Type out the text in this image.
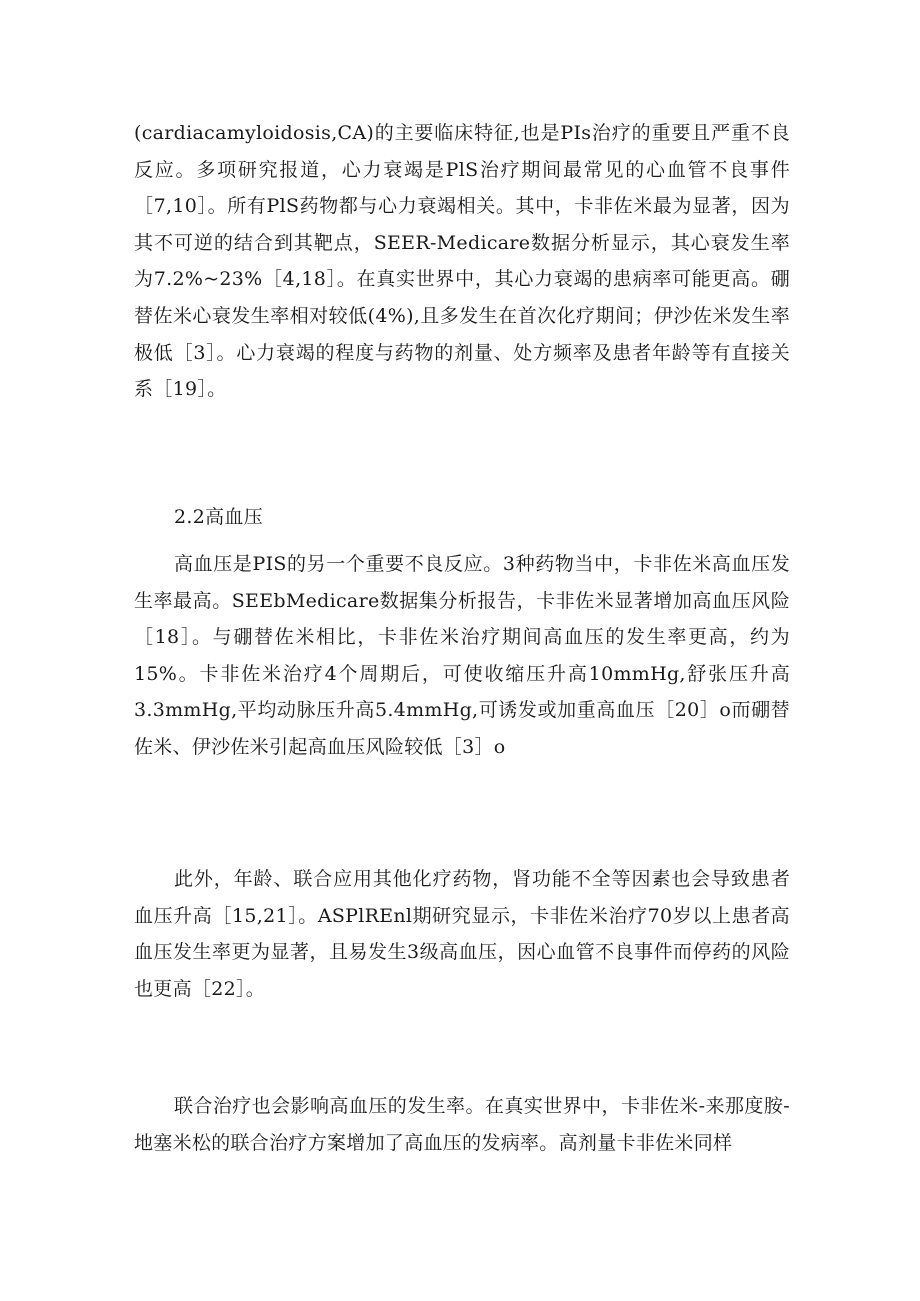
(cardiacamyloidosis,CA)的主要临床特征,也是PIs治疗的重要且严重不良反应。多项研究报道，心力衰竭是PlS治疗期间最常见的心血管不良事件［7,10］。所有PlS药物都与心力衰竭相关。其中，卡非佐米最为显著，因为其不可逆的结合到其靶点，SEER-Medicare数据分析显示，其心衰发生率为7.2%~23%［4,18］。在真实世界中，其心力衰竭的患病率可能更高。硼替佐米心衰发生率相对较低(4%),且多发生在首次化疗期间；伊沙佐米发生率极低［3］。心力衰竭的程度与药物的剂量、处方频率及患者年龄等有直接关系［19］。

2.2高血压

高血压是PIS的另一个重要不良反应。3种药物当中，卡非佐米高血压发生率最高。SEEbMedicare数据集分析报告，卡非佐米显著增加高血压风险［18］。与硼替佐米相比，卡非佐米治疗期间高血压的发生率更高，约为15%。卡非佐米治疗4个周期后，可使收缩压升高10mmHg,舒张压升高3.3mmHg,平均动脉压升高5.4mmHg,可诱发或加重高血压［20］o而硼替佐米、伊沙佐米引起高血压风险较低［3］o

此外，年龄、联合应用其他化疗药物，肾功能不全等因素也会导致患者血压升高［15,21］。ASPlREnl期研究显示，卡非佐米治疗70岁以上患者高血压发生率更为显著，且易发生3级高血压，因心血管不良事件而停药的风险也更高［22］。

联合治疗也会影响高血压的发生率。在真实世界中，卡非佐米-来那度胺-地塞米松的联合治疗方案增加了高血压的发病率。高剂量卡非佐米同样
